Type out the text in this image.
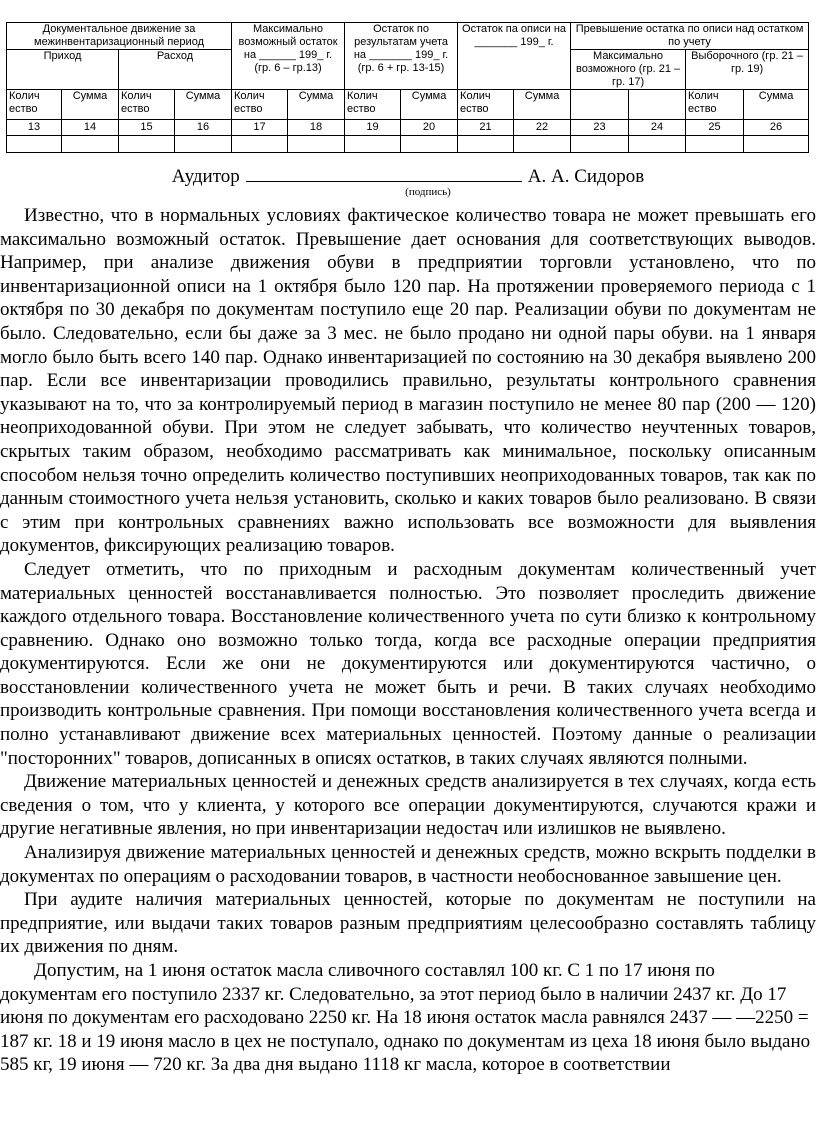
Документальное движение за межинвентаризационный период				Максимально возможный остаток на ______ 199_ г. (гр. 6 – гр.13)		Остаток по результатам учета на _______ 199_ г. (гр. 6 + гр. 13-15)		Остаток па описи на _______ 199_ г.		Превышение остатка по описи над остатком по учету			
Приход		Расход								Максимально возможного (гр. 21 – гр. 17)		Выборочного (гр. 21 – гр. 19)	
Колич ество	Сумма	Колич ество	Сумма	Колич ество	Сумма	Колич ество	Сумма	Колич ество	Сумма			Колич ество	Сумма
13	14	15	16	17	18	19	20	21	22	23	24	25	26

Аудитор	А. А. Сидоров
(подпись)

Известно, что в нормальных условиях фактическое количество товара не может превышать его максимально возможный остаток. Превышение дает основания для соответствующих выводов. Например, при анализе движения обуви в предприятии торговли установлено, что по инвентаризационной описи на 1 октября было 120 пар. На протяжении проверяемого периода с 1 октября по 30 декабря по документам поступило еще 20 пар. Реализации обуви по документам не было. Следовательно, если бы даже за 3 мес. не было продано ни одной пары обуви. на 1 января могло было быть всего 140 пар. Однако инвентаризацией по состоянию на 30 декабря выявлено 200 пар. Если все инвентаризации проводились правильно, результаты контрольного сравнения указывают на то, что за контролируемый период в магазин поступило не менее 80 пар (200 — 120) неоприходованной обуви. При этом не следует забывать, что количество неучтенных товаров, скрытых таким образом, необходимо рассматривать как минимальное, поскольку описанным способом нельзя точно определить количество поступивших неоприходованных товаров, так как по данным стоимостного учета нельзя установить, сколько и каких товаров было реализовано. В связи с этим при контрольных сравнениях важно использовать все возможности для выявления документов, фиксирующих реализацию товаров.

Следует отметить, что по приходным и расходным документам количественный учет материальных ценностей восстанавливается полностью. Это позволяет проследить движение каждого отдельного товара. Восстановление количественного учета по сути близко к контрольному сравнению. Однако оно возможно только тогда, когда все расходные операции предприятия документируются. Если же они не документируются или документируются частично, о восстановлении количественного учета не может быть и речи. В таких случаях необходимо производить контрольные сравнения. При помощи восстановления количественного учета всегда и полно устанавливают движение всех материальных ценностей. Поэтому данные о реализации "посторонних" товаров, дописанных в описях остатков, в таких случаях являются полными.

Движение материальных ценностей и денежных средств анализируется в тех случаях, когда есть сведения о том, что у клиента, у которого все операции документируются, случаются кражи и другие негативные явления, но при инвентаризации недостач или излишков не выявлено.

Анализируя движение материальных ценностей и денежных средств, можно вскрыть подделки в документах по операциям о расходовании товаров, в частности необоснованное завышение цен.

При аудите наличия материальных ценностей, которые по документам не поступили на предприятие, или выдачи таких товаров разным предприятиям целесообразно составлять таблицу их движения по дням.

Допустим, на 1 июня остаток масла сливочного составлял 100 кг. С 1 по 17 июня по документам его поступило 2337 кг. Следовательно, за этот период было в наличии 2437 кг. До 17 июня по документам его расходовано 2250 кг. На 18 июня остаток масла равнялся 2437 — —2250 = 187 кг. 18 и 19 июня масло в цех не поступало, однако по документам из цеха 18 июня было выдано 585 кг, 19 июня — 720 кг. За два дня выдано 1118 кг масла, которое в соответствии
